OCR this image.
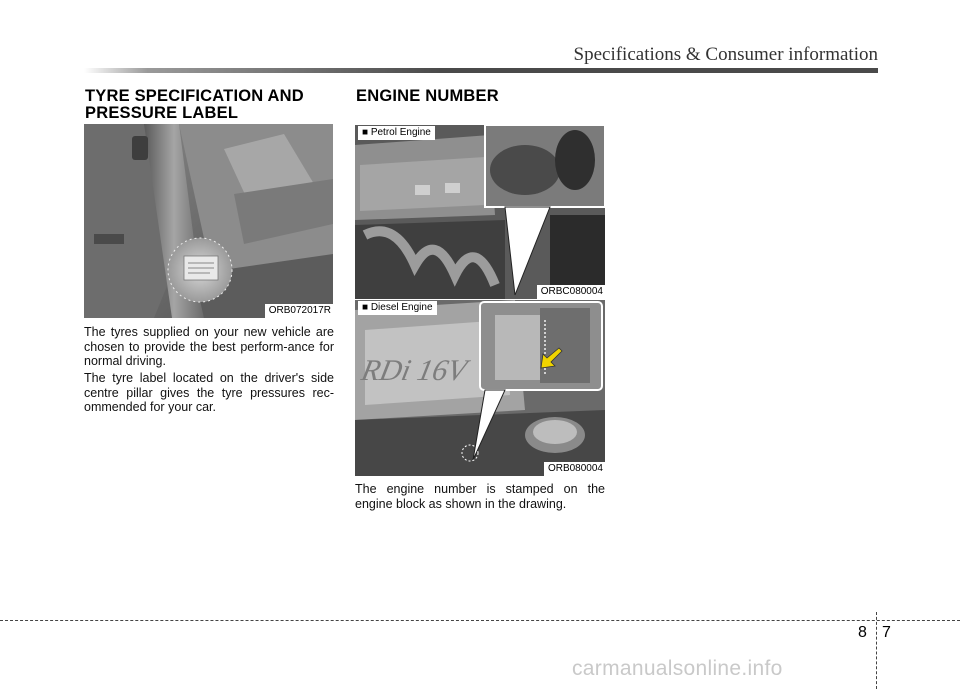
Specifications & Consumer information
TYRE SPECIFICATION AND
PRESSURE LABEL
ORB072017R

The tyres supplied on your new vehicle are chosen to provide the best perform-ance for normal driving.

The tyre label located on the driver's side centre pillar gives the tyre pressures rec-ommended for your car.

ENGINE NUMBER
■ Petrol Engine
ORBC080004
RDi 16V
■ Diesel Engine
ORB080004

The engine number is stamped on the engine block as shown in the drawing.

8 7
carmanualsonline.info
